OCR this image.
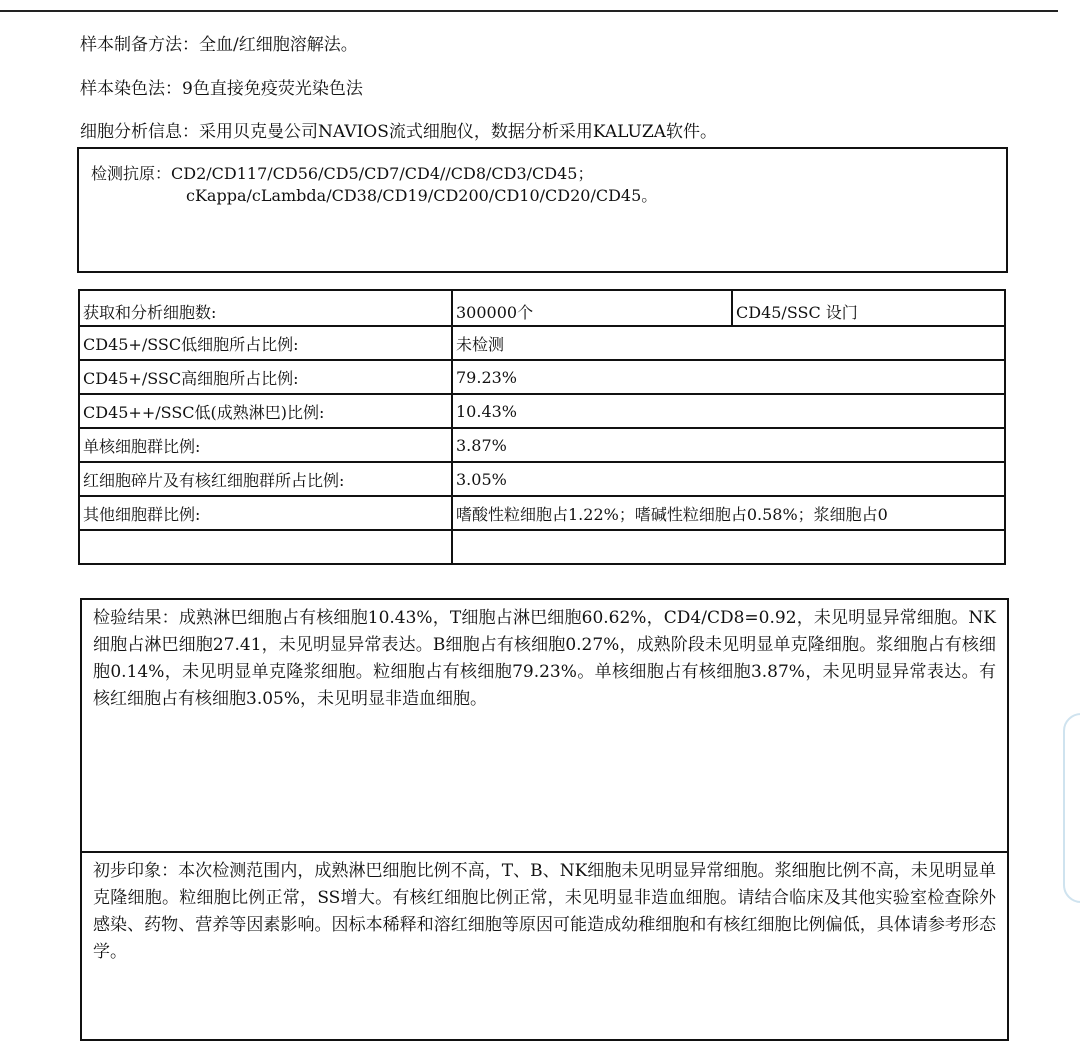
样本制备方法：全血/红细胞溶解法。
样本染色法：9色直接免疫荧光染色法
细胞分析信息：采用贝克曼公司NAVIOS流式细胞仪，数据分析采用KALUZA软件。
检测抗原：CD2/CD117/CD56/CD5/CD7/CD4//CD8/CD3/CD45；
cKappa/cLambda/CD38/CD19/CD200/CD10/CD20/CD45。
获取和分析细胞数:	300000个	CD45/SSC 设门
CD45+/SSC低细胞所占比例:	未检测	
CD45+/SSC高细胞所占比例:	79.23%	
CD45++/SSC低(成熟淋巴)比例:	10.43%	
单核细胞群比例:	3.87%	
红细胞碎片及有核红细胞群所占比例:	3.05%	
其他细胞群比例:	嗜酸性粒细胞占1.22%；嗜碱性粒细胞占0.58%；浆细胞占0	

检验结果：成熟淋巴细胞占有核细胞10.43%，T细胞占淋巴细胞60.62%，CD4/CD8=0.92，未见明显异常细胞。NK细胞占淋巴细胞27.41，未见明显异常表达。B细胞占有核细胞0.27%，成熟阶段未见明显单克隆细胞。浆细胞占有核细胞0.14%，未见明显单克隆浆细胞。粒细胞占有核细胞79.23%。单核细胞占有核细胞3.87%，未见明显异常表达。有核红细胞占有核细胞3.05%，未见明显非造血细胞。

初步印象：本次检测范围内，成熟淋巴细胞比例不高，T、B、NK细胞未见明显异常细胞。浆细胞比例不高，未见明显单克隆细胞。粒细胞比例正常，SS增大。有核红细胞比例正常，未见明显非造血细胞。请结合临床及其他实验室检查除外感染、药物、营养等因素影响。因标本稀释和溶红细胞等原因可能造成幼稚细胞和有核红细胞比例偏低，具体请参考形态学。
